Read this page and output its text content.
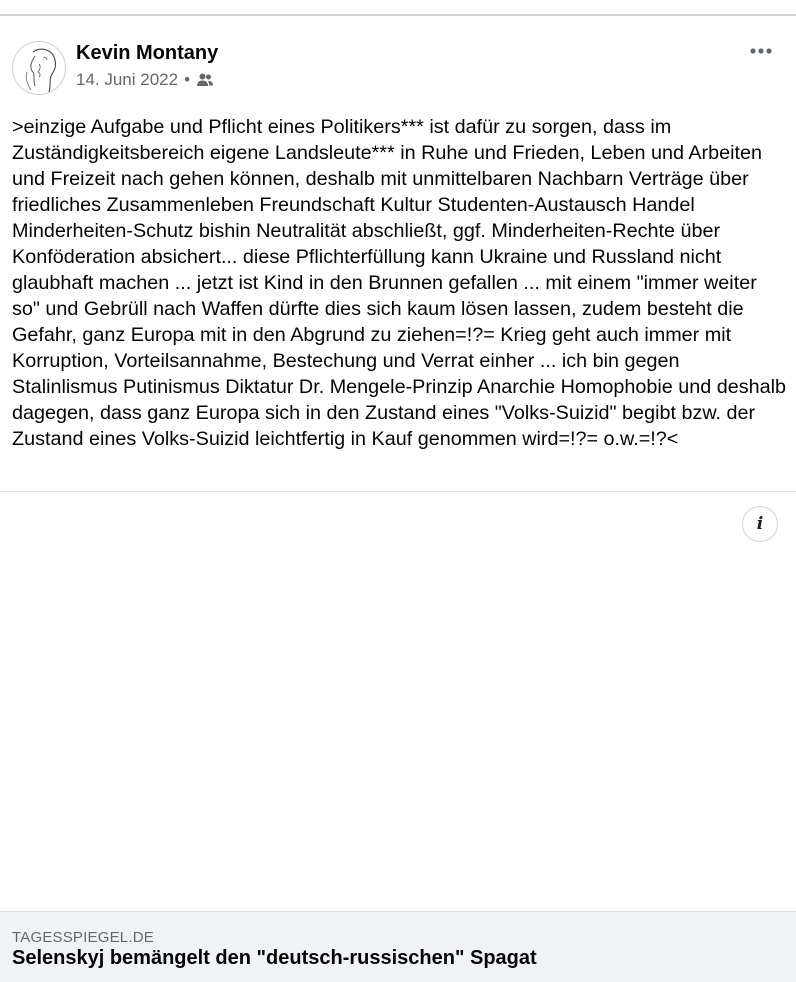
Kevin Montany
14. Juni 2022 •

>einzige Aufgabe und Pflicht eines Politikers*** ist dafür zu sorgen, dass im Zuständigkeitsbereich eigene Landsleute*** in Ruhe und Frieden, Leben und Arbeiten und Freizeit nach gehen können, deshalb mit unmittelbaren Nachbarn Verträge über friedliches Zusammenleben Freundschaft Kultur Studenten-Austausch Handel Minderheiten-Schutz bishin Neutralität abschließt, ggf. Minderheiten-Rechte über Konföderation absichert... diese Pflichterfüllung kann Ukraine und Russland nicht glaubhaft machen ... jetzt ist Kind in den Brunnen gefallen ... mit einem "immer weiter so" und Gebrüll nach Waffen dürfte dies sich kaum lösen lassen, zudem besteht die Gefahr, ganz Europa mit in den Abgrund zu ziehen=!?= Krieg geht auch immer mit Korruption, Vorteilsannahme, Bestechung und Verrat einher ... ich bin gegen Stalinlismus Putinismus Diktatur Dr. Mengele-Prinzip Anarchie Homophobie und deshalb dagegen, dass ganz Europa sich in den Zustand eines "Volks-Suizid" begibt bzw. der Zustand eines Volks-Suizid leichtfertig in Kauf genommen wird=!?= o.w.=!?<

i
TAGESSPIEGEL.DE
Selenskyj bemängelt den "deutsch-russischen" Spagat
